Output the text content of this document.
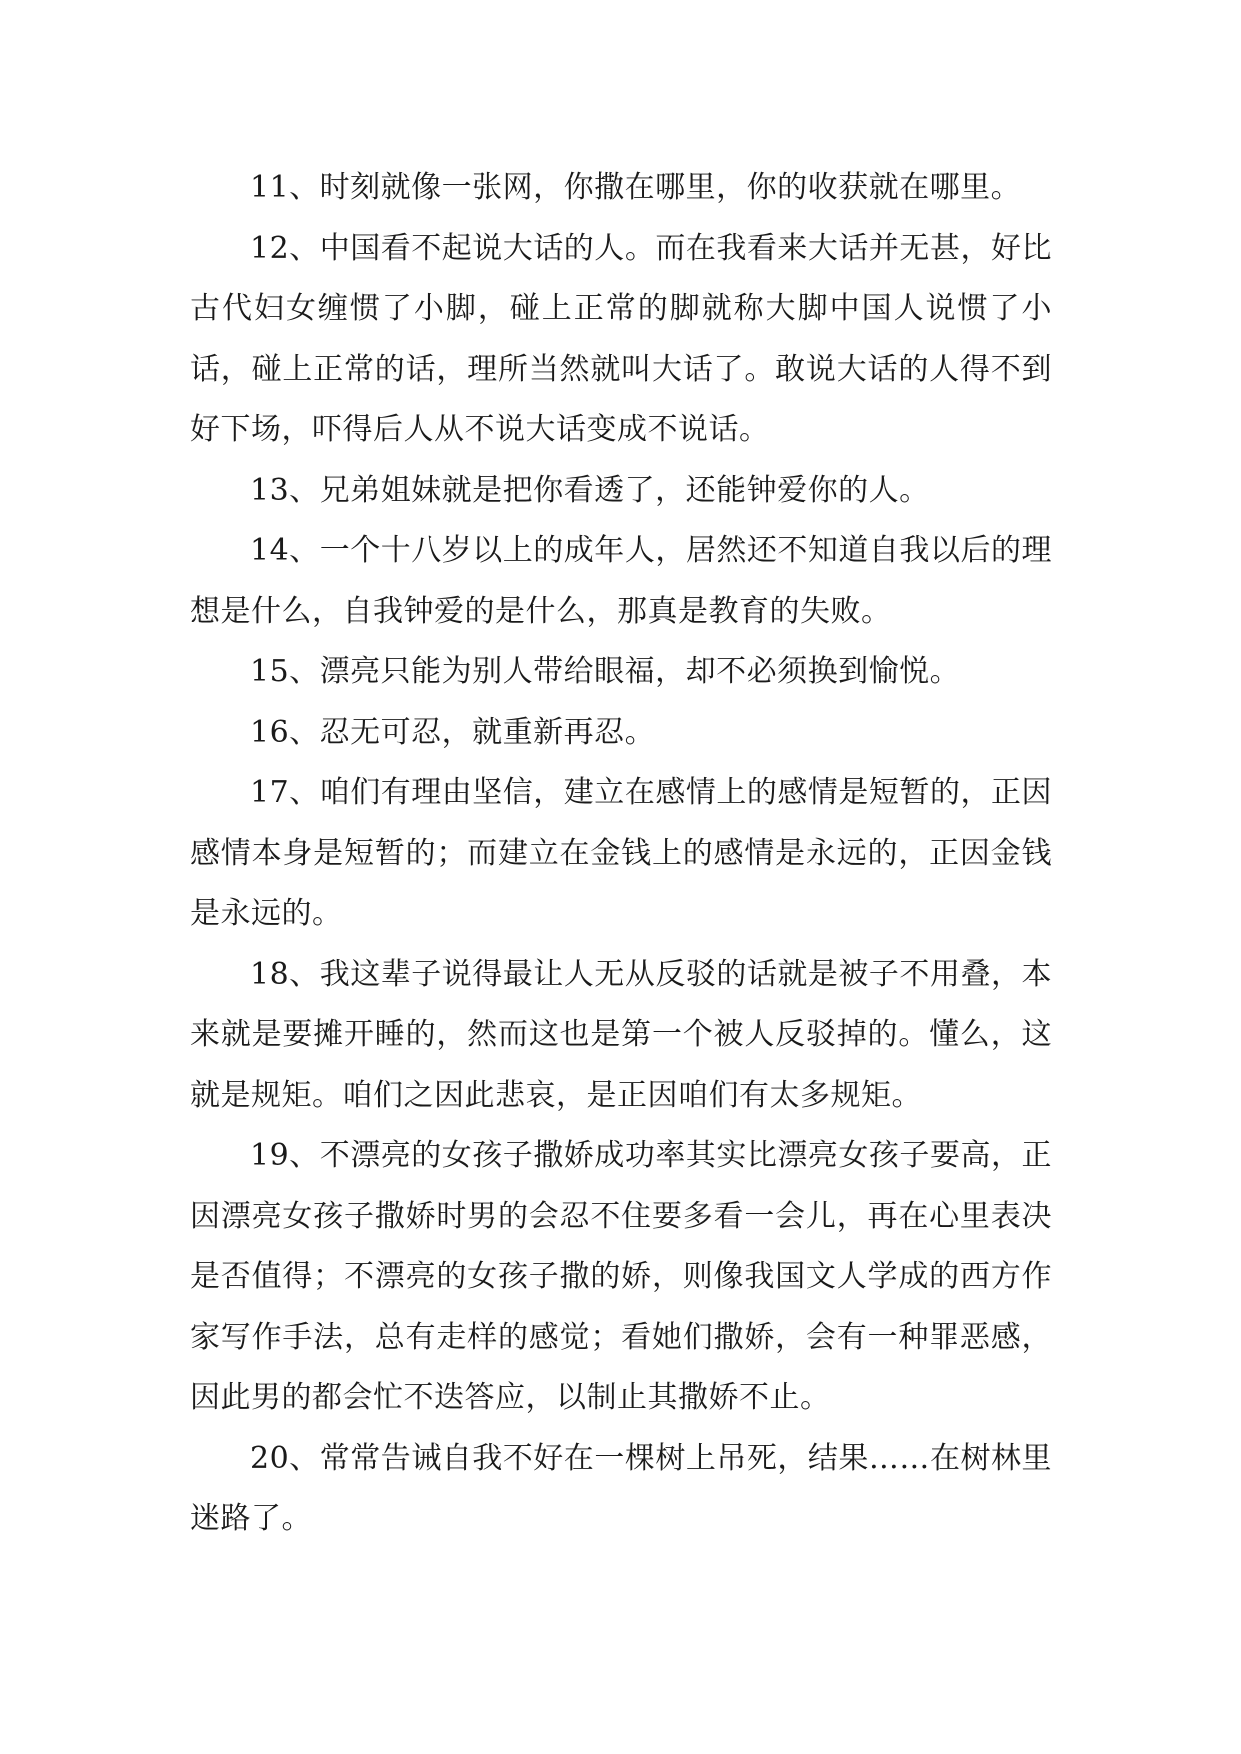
11、时刻就像一张网，你撒在哪里，你的收获就在哪里。

12、中国看不起说大话的人。而在我看来大话并无甚，好比古代妇女缠惯了小脚，碰上正常的脚就称大脚中国人说惯了小话，碰上正常的话，理所当然就叫大话了。敢说大话的人得不到好下场，吓得后人从不说大话变成不说话。

13、兄弟姐妹就是把你看透了，还能钟爱你的人。

14、一个十八岁以上的成年人，居然还不知道自我以后的理想是什么，自我钟爱的是什么，那真是教育的失败。

15、漂亮只能为别人带给眼福，却不必须换到愉悦。

16、忍无可忍，就重新再忍。

17、咱们有理由坚信，建立在感情上的感情是短暂的，正因感情本身是短暂的；而建立在金钱上的感情是永远的，正因金钱是永远的。

18、我这辈子说得最让人无从反驳的话就是被子不用叠，本来就是要摊开睡的，然而这也是第一个被人反驳掉的。懂么，这就是规矩。咱们之因此悲哀，是正因咱们有太多规矩。

19、不漂亮的女孩子撒娇成功率其实比漂亮女孩子要高，正因漂亮女孩子撒娇时男的会忍不住要多看一会儿，再在心里表决是否值得；不漂亮的女孩子撒的娇，则像我国文人学成的西方作家写作手法，总有走样的感觉；看她们撒娇，会有一种罪恶感，因此男的都会忙不迭答应，以制止其撒娇不止。

20、常常告诫自我不好在一棵树上吊死，结果……在树林里迷路了。
